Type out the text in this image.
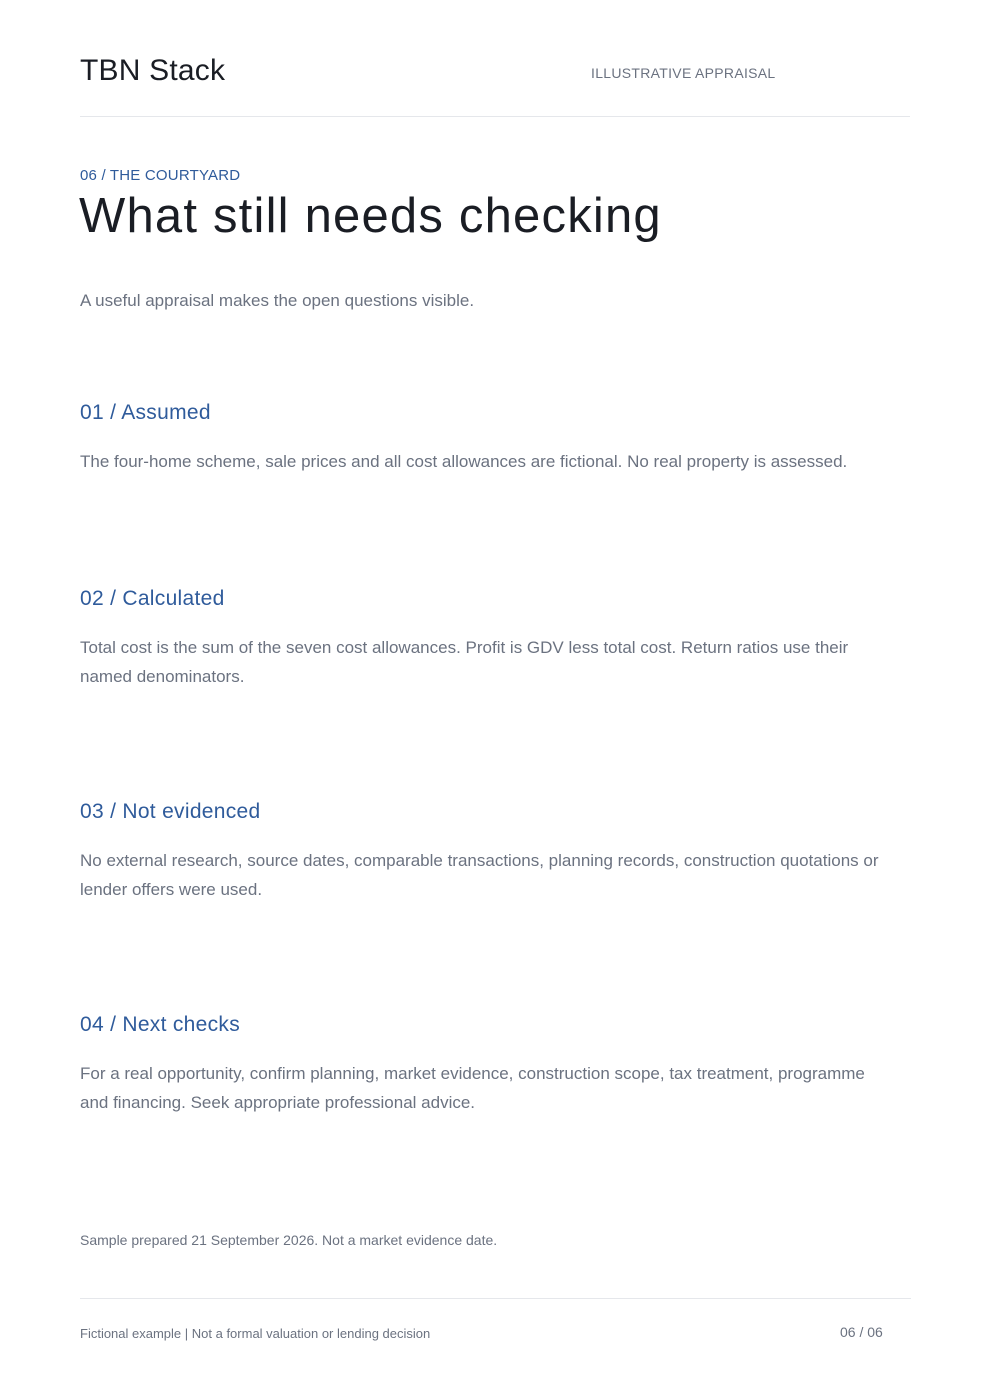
TBN Stack	ILLUSTRATIVE APPRAISAL
06 / THE COURTYARD
What still needs checking
A useful appraisal makes the open questions visible.
01 / Assumed

The four-home scheme, sale prices and all cost allowances are fictional. No real property is assessed.

02 / Calculated

Total cost is the sum of the seven cost allowances. Profit is GDV less total cost. Return ratios use their named denominators.

03 / Not evidenced

No external research, source dates, comparable transactions, planning records, construction quotations or lender offers were used.

04 / Next checks

For a real opportunity, confirm planning, market evidence, construction scope, tax treatment, programme and financing. Seek appropriate professional advice.

Sample prepared 21 September 2026. Not a market evidence date.
Fictional example | Not a formal valuation or lending decision	06 / 06
